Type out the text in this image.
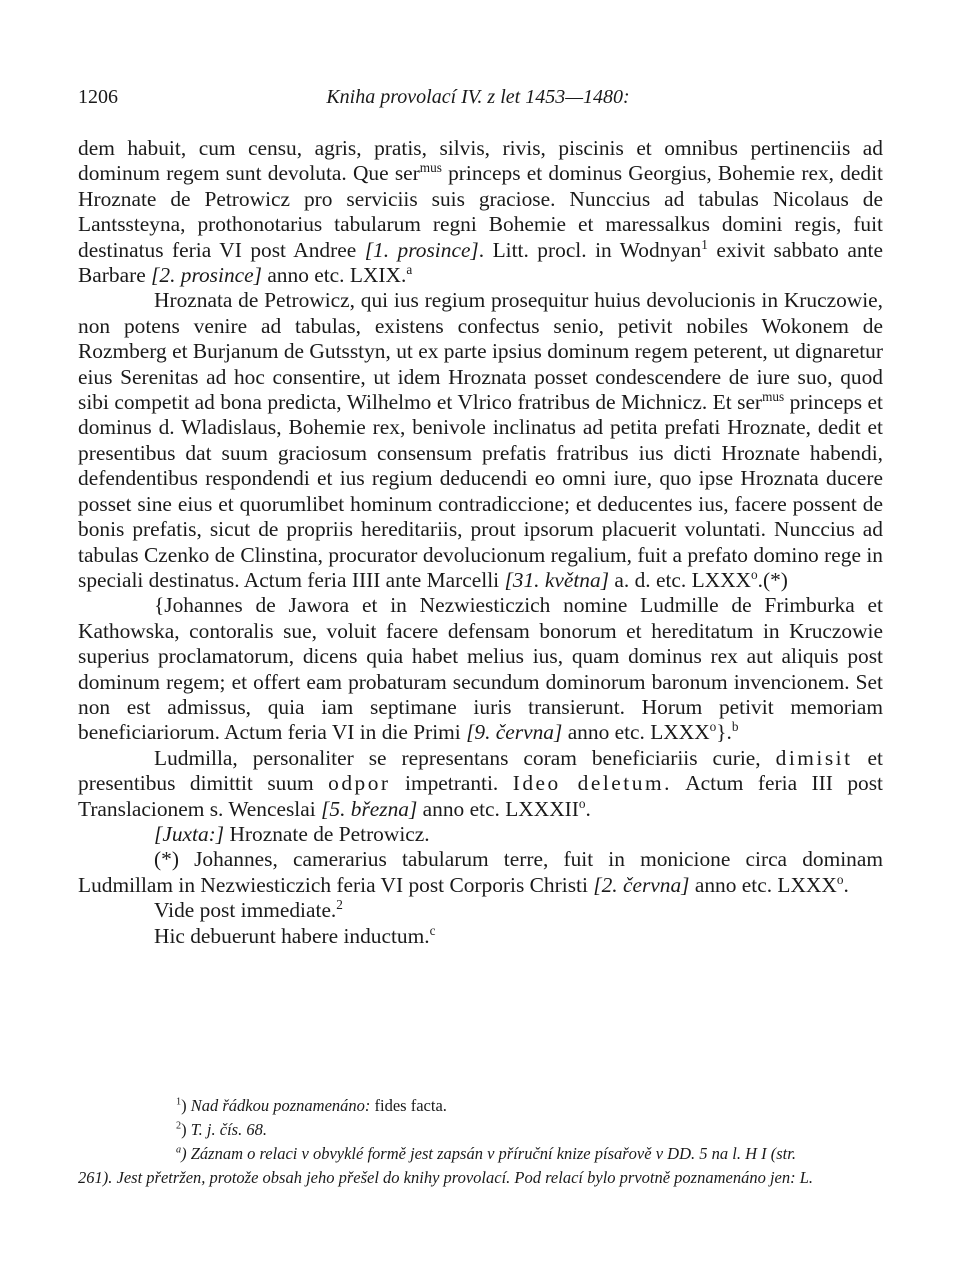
1206	Kniha provolací IV. z let 1453—1480:

dem habuit, cum censu, agris, pratis, silvis, rivis, piscinis et omnibus pertinenciis ad dominum regem sunt devoluta. Que ser$^{mus}$ princeps et dominus Georgius, Bohemie rex, dedit Hroznate de Petrowicz pro serviciis suis graciose. Nunccius ad tabulas Nicolaus de Lantssteyna, prothonotarius tabularum regni Bohemie et maressalkus domini regis, fuit destinatus feria VI post Andree [1. prosince]. Litt. procl. in Wodnyan$^1$ exivit sabbato ante Barbare [2. prosince] anno etc. LXIX.$^a$

Hroznata de Petrowicz, qui ius regium prosequitur huius devolucionis in Kruczowie, non potens venire ad tabulas, existens confectus senio, petivit nobiles Wokonem de Rozmberg et Burjanum de Gutsstyn, ut ex parte ipsius dominum regem peterent, ut dignaretur eius Serenitas ad hoc consentire, ut idem Hroznata posset condescendere de iure suo, quod sibi competit ad bona predicta, Wilhelmo et Vlrico fratribus de Michnicz. Et ser$^{mus}$ princeps et dominus d. Wladislaus, Bohemie rex, benivole inclinatus ad petita prefati Hroznate, dedit et presentibus dat suum graciosum consensum prefatis fratribus ius dicti Hroznate habendi, defendentibus respondendi et ius regium deducendi eo omni iure, quo ipse Hroznata ducere posset sine eius et quorumlibet hominum contradiccione; et deducentes ius, facere possent de bonis prefatis, sicut de propriis hereditariis, prout ipsorum placuerit voluntati. Nunccius ad tabulas Czenko de Clinstina, procurator devolucionum regalium, fuit a prefato domino rege in speciali destinatus. Actum feria IIII ante Marcelli [31. května] a. d. etc. LXXX$^o$.(*)

{Johannes de Jawora et in Nezwiesticzich nomine Ludmille de Frimburka et Kathowska, contoralis sue, voluit facere defensam bonorum et hereditatum in Kruczowie superius proclamatorum, dicens quia habet melius ius, quam dominus rex aut aliquis post dominum regem; et offert eam probaturam secundum dominorum baronum invencionem. Set non est admissus, quia iam septimane iuris transierunt. Horum petivit memoriam beneficiariorum. Actum feria VI in die Primi [9. června] anno etc. LXXX$^o$}.$^b$

Ludmilla, personaliter se representans coram beneficiariis curie, dimisit et presentibus dimittit suum odpor impetranti. Ideo deletum. Actum feria III post Translacionem s. Wenceslai [5. března] anno etc. LXXXII$^o$.

[Juxta:] Hroznate de Petrowicz.

(*) Johannes, camerarius tabularum terre, fuit in monicione circa dominam Ludmillam in Nezwiesticzich feria VI post Corporis Christi [2. června] anno etc. LXXX$^o$.

Vide post immediate.$^2$

Hic debuerunt habere inductum.$^c$

$^1$) Nad řádkou poznamenáno: fides facta.

$^2$) T. j. čís. 68.

$^a$) Záznam o relaci v obvyklé formě jest zapsán v příruční knize písařově v DD. 5 na l. H I (str.
261). Jest přetržen, protože obsah jeho přešel do knihy provolací. Pod relací bylo prvotně poznamenáno jen: L.
